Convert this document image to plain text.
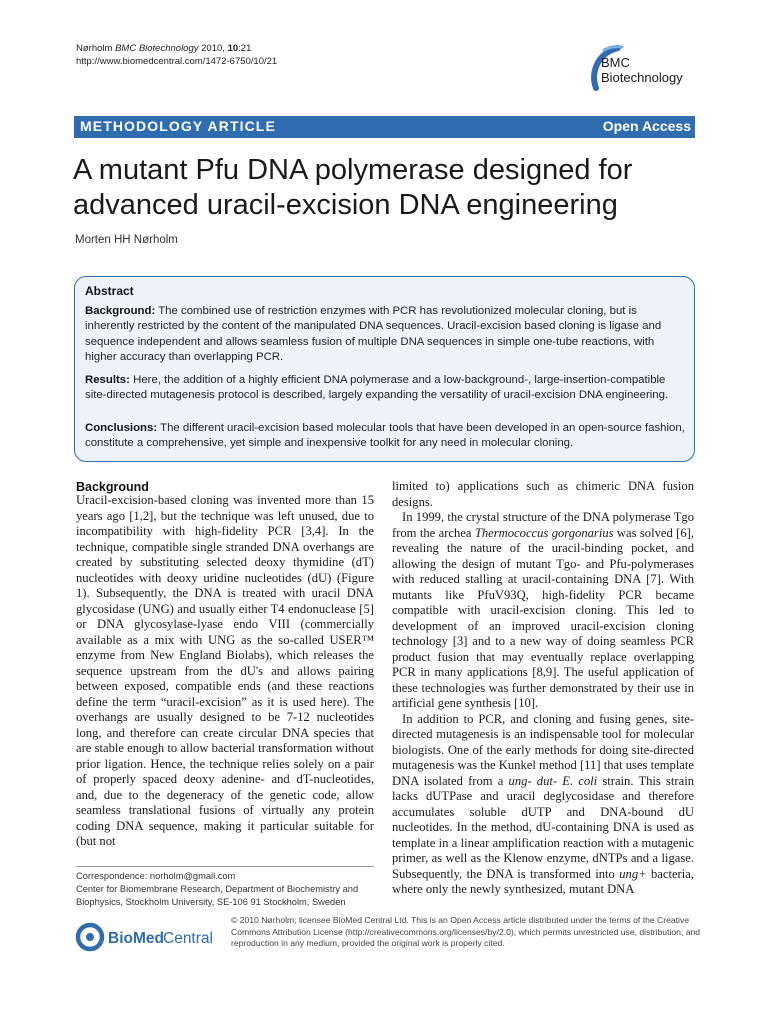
Nørholm BMC Biotechnology 2010, 10:21
http://www.biomedcentral.com/1472-6750/10/21	BMC
Biotechnology
METHODOLOGY ARTICLE	Open Access
A mutant Pfu DNA polymerase designed for advanced uracil-excision DNA engineering
Morten HH Nørholm
Abstract
Background: The combined use of restriction enzymes with PCR has revolutionized molecular cloning, but is inherently restricted by the content of the manipulated DNA sequences. Uracil-excision based cloning is ligase and sequence independent and allows seamless fusion of multiple DNA sequences in simple one-tube reactions, with higher accuracy than overlapping PCR.
Results: Here, the addition of a highly efficient DNA polymerase and a low-background-, large-insertion-compatible site-directed mutagenesis protocol is described, largely expanding the versatility of uracil-excision DNA engineering.
Conclusions: The different uracil-excision based molecular tools that have been developed in an open-source fashion, constitute a comprehensive, yet simple and inexpensive toolkit for any need in molecular cloning.
Background

Uracil-excision-based cloning was invented more than 15 years ago [1,2], but the technique was left unused, due to incompatibility with high-fidelity PCR [3,4]. In the technique, compatible single stranded DNA overhangs are created by substituting selected deoxy thymidine (dT) nucleotides with deoxy uridine nucleotides (dU) (Figure 1). Subsequently, the DNA is treated with uracil DNA glycosidase (UNG) and usually either T4 endonuclease [5] or DNA glycosylase-lyase endo VIII (commercially available as a mix with UNG as the so-called USER™ enzyme from New England Biolabs), which releases the sequence upstream from the dU's and allows pairing between exposed, compatible ends (and these reactions define the term “uracil-excision” as it is used here). The overhangs are usually designed to be 7-12 nucleotides long, and therefore can create circular DNA species that are stable enough to allow bacterial transformation without prior ligation. Hence, the technique relies solely on a pair of properly spaced deoxy adenine- and dT-nucleotides, and, due to the degeneracy of the genetic code, allow seamless translational fusions of virtually any protein coding DNA sequence, making it particular suitable for (but not

limited to) applications such as chimeric DNA fusion designs.

In 1999, the crystal structure of the DNA polymerase Tgo from the archea Thermococcus gorgonarius was solved [6], revealing the nature of the uracil-binding pocket, and allowing the design of mutant Tgo- and Pfu-polymerases with reduced stalling at uracil-containing DNA [7]. With mutants like PfuV93Q, high-fidelity PCR became compatible with uracil-excision cloning. This led to development of an improved uracil-excision cloning technology [3] and to a new way of doing seamless PCR product fusion that may eventually replace overlapping PCR in many applications [8,9]. The useful application of these technologies was further demonstrated by their use in artificial gene synthesis [10].

In addition to PCR, and cloning and fusing genes, site-directed mutagenesis is an indispensable tool for molecular biologists. One of the early methods for doing site-directed mutagenesis was the Kunkel method [11] that uses template DNA isolated from a ung- dut- E. coli strain. This strain lacks dUTPase and uracil deglycosidase and therefore accumulates soluble dUTP and DNA-bound dU nucleotides. In the method, dU-containing DNA is used as template in a linear amplification reaction with a mutagenic primer, as well as the Klenow enzyme, dNTPs and a ligase. Subsequently, the DNA is transformed into ung+ bacteria, where only the newly synthesized, mutant DNA

Correspondence: norholm@gmail.com
Center for Biomembrane Research, Department of Biochemistry and Biophysics, Stockholm University, SE-106 91 Stockholm, Sweden
BioMed Central
© 2010 Nørholm; licensee BioMed Central Ltd. This is an Open Access article distributed under the terms of the Creative Commons Attribution License (http://creativecommons.org/licenses/by/2.0), which permits unrestricted use, distribution, and reproduction in any medium, provided the original work is properly cited.
